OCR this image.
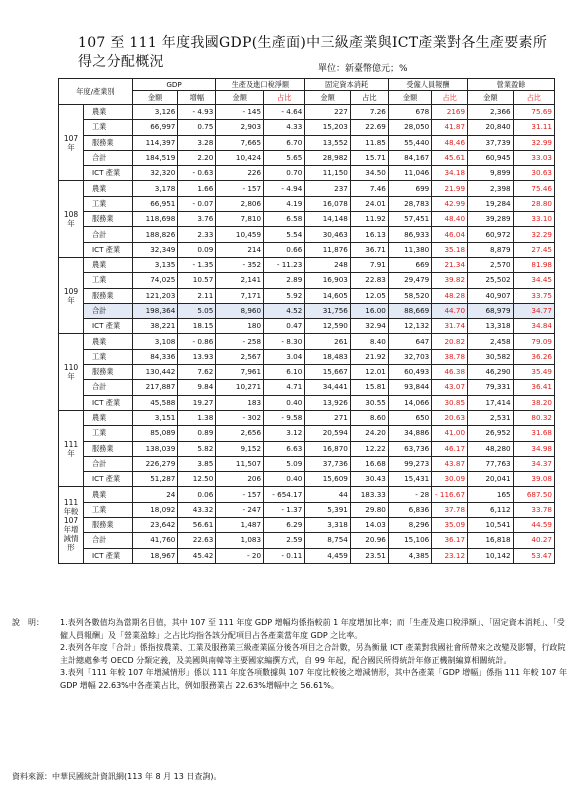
107 至 111 年度我國GDP(生產面)中三級產業與ICT產業對各生產要素所得之分配概況	單位：新臺幣億元；%
年度/產業別		GDP		生產及進口稅淨額		固定資本消耗		受僱人員報酬		營業盈餘	
		金額	增幅	金額	占比	金額	占比	金額	占比	金額	占比
107 年	農業	3,126	- 4.93	- 145	- 4.64	227	7.26	678	2169	2,366	75.69
	工業	66,997	0.75	2,903	4.33	15,203	22.69	28,050	41.87	20,840	31.11
	服務業	114,397	3.28	7,665	6.70	13,552	11.85	55,440	48.46	37,739	32.99
	合計	184,519	2.20	10,424	5.65	28,982	15.71	84,167	45.61	60,945	33.03
	ICT 產業	32,320	- 0.63	226	0.70	11,150	34.50	11,046	34.18	9,899	30.63
108 年	農業	3,178	1.66	- 157	- 4.94	237	7.46	699	21.99	2,398	75.46
	工業	66,951	- 0.07	2,806	4.19	16,078	24.01	28,783	42.99	19,284	28.80
	服務業	118,698	3.76	7,810	6.58	14,148	11.92	57,451	48.40	39,289	33.10
	合計	188,826	2.33	10,459	5.54	30,463	16.13	86,933	46.04	60,972	32.29
	ICT 產業	32,349	0.09	214	0.66	11,876	36.71	11,380	35.18	8,879	27.45
109 年	農業	3,135	- 1.35	- 352	- 11.23	248	7.91	669	21.34	2,570	81.98
	工業	74,025	10.57	2,141	2.89	16,903	22.83	29,479	39.82	25,502	34.45
	服務業	121,203	2.11	7,171	5.92	14,605	12.05	58,520	48.28	40,907	33.75
	合計	198,364	5.05	8,960	4.52	31,756	16.00	88,669	44.70	68,979	34.77
	ICT 產業	38,221	18.15	180	0.47	12,590	32.94	12,132	31.74	13,318	34.84
110 年	農業	3,108	- 0.86	- 258	- 8.30	261	8.40	647	20.82	2,458	79.09
	工業	84,336	13.93	2,567	3.04	18,483	21.92	32,703	38.78	30,582	36.26
	服務業	130,442	7.62	7,961	6.10	15,667	12.01	60,493	46.38	46,290	35.49
	合計	217,887	9.84	10,271	4.71	34,441	15.81	93,844	43.07	79,331	36.41
	ICT 產業	45,588	19.27	183	0.40	13,926	30.55	14,066	30.85	17,414	38.20
111 年	農業	3,151	1.38	- 302	- 9.58	271	8.60	650	20.63	2,531	80.32
	工業	85,089	0.89	2,656	3.12	20,594	24.20	34,886	41.00	26,952	31.68
	服務業	138,039	5.82	9,152	6.63	16,870	12.22	63,736	46.17	48,280	34.98
	合計	226,279	3.85	11,507	5.09	37,736	16.68	99,273	43.87	77,763	34.37
	ICT 產業	51,287	12.50	206	0.40	15,609	30.43	15,431	30.09	20,041	39.08
111 年較 107 年增減情形	農業	24	0.06	- 157	- 654.17	44	183.33	- 28	- 116.67	165	687.50
	工業	18,092	43.32	- 247	- 1.37	5,391	29.80	6,836	37.78	6,112	33.78
	服務業	23,642	56.61	1,487	6.29	3,318	14.03	8,296	35.09	10,541	44.59
	合計	41,760	22.63	1,083	2.59	8,754	20.96	15,106	36.17	16,818	40.27
	ICT 產業	18,967	45.42	- 20	- 0.11	4,459	23.51	4,385	23.12	10,142	53.47
說　明：	1.表列各數值均為當期名目值，其中 107 至 111 年度 GDP 增幅均係指較前 1 年度增加比率；而「生產及進口稅淨額」、「固定資本消耗」、「受僱人員報酬」及「營業盈餘」之占比均指各該分配項目占各產業當年度 GDP 之比率。
2.表列各年度「合計」係指按農業、工業及服務業三級產業區分後各項目之合計數，另為衡量 ICT 產業對我國社會所帶來之改變及影響，行政院主計總處參考 OECD 分類定義，及美國與南韓等主要國家編撰方式，自 99 年起，配合國民所得統計年修正機制編算相關統計。
3.表列「111 年較 107 年增減情形」係以 111 年度各項數據與 107 年度比較後之增減情形，其中各產業「GDP 增幅」係指 111 年較 107 年 GDP 增幅 22.63%中各產業占比，例如服務業占 22.63%增幅中之 56.61%。
資料來源：中華民國統計資訊網(113 年 8 月 13 日查詢)。
